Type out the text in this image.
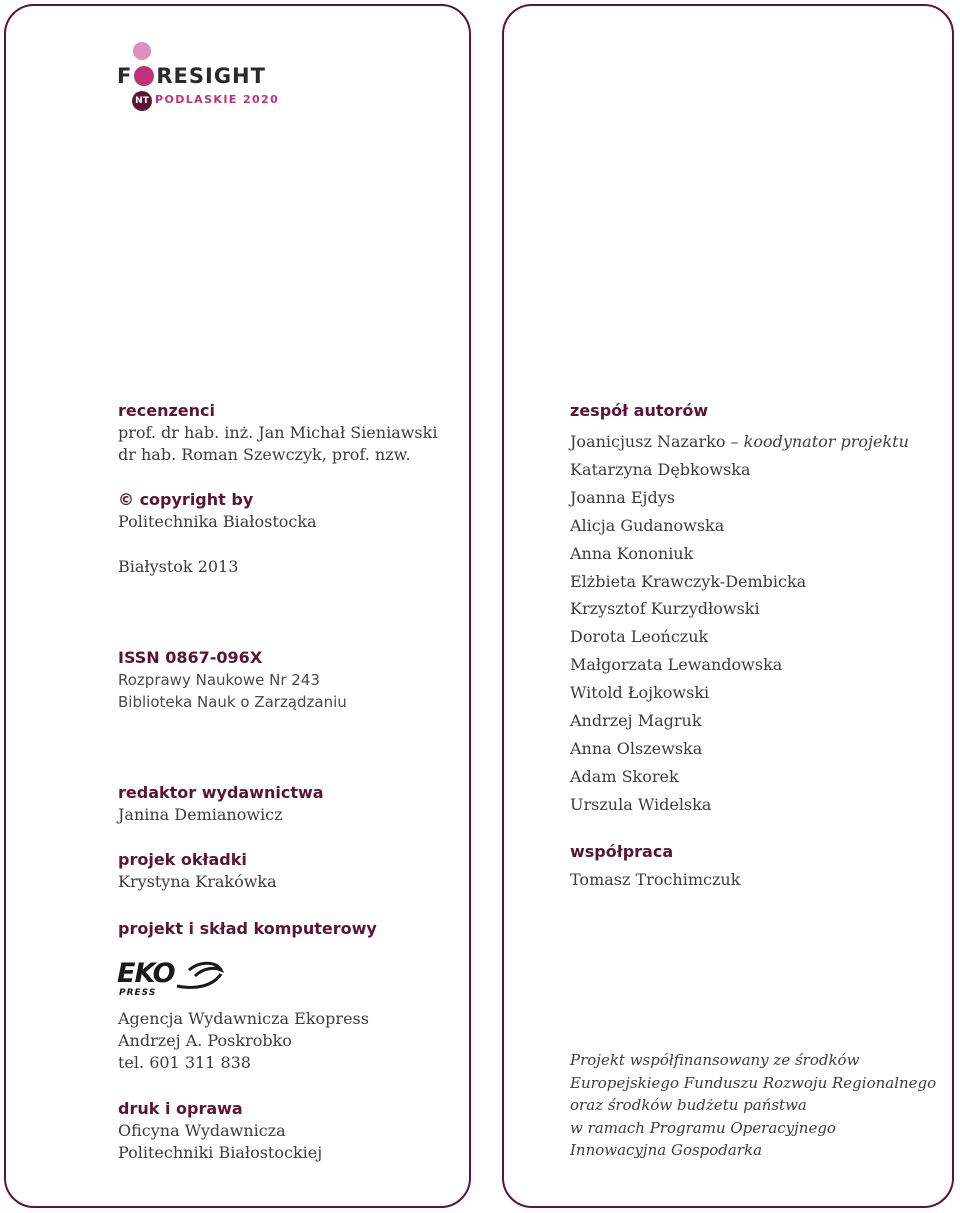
F RESIGHT
NT PODLASKIE 2020
recenzenci
prof. dr hab. inż. Jan Michał Sieniawski
dr hab. Roman Szewczyk, prof. nzw.
© copyright by
Politechnika Białostocka
Białystok 2013
ISSN 0867-096X
Rozprawy Naukowe Nr 243
Biblioteka Nauk o Zarządzaniu
redaktor wydawnictwa
Janina Demianowicz
projek okładki
Krystyna Krakówka
projekt i skład komputerowy
EKO
PRESS
Agencja Wydawnicza Ekopress
Andrzej A. Poskrobko
tel. 601 311 838
druk i oprawa
Oficyna Wydawnicza
Politechniki Białostockiej
zespół autorów
Joanicjusz Nazarko – koodynator projektu
Katarzyna Dębkowska
Joanna Ejdys
Alicja Gudanowska
Anna Kononiuk
Elżbieta Krawczyk-Dembicka
Krzysztof Kurzydłowski
Dorota Leończuk
Małgorzata Lewandowska
Witold Łojkowski
Andrzej Magruk
Anna Olszewska
Adam Skorek
Urszula Widelska
współpraca
Tomasz Trochimczuk
Projekt współfinansowany ze środków
Europejskiego Funduszu Rozwoju Regionalnego
oraz środków budżetu państwa
w ramach Programu Operacyjnego
Innowacyjna Gospodarka
